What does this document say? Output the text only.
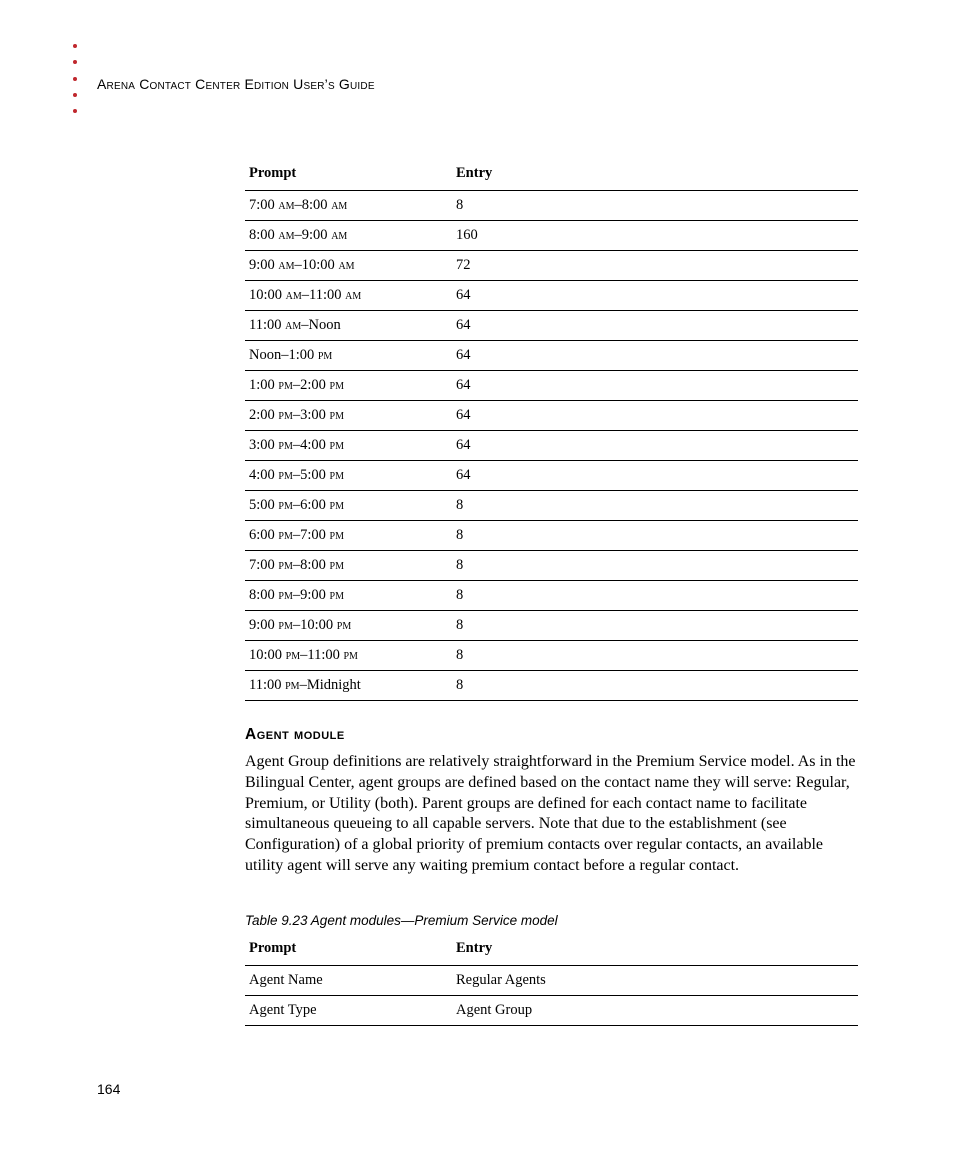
Arena Contact Center Edition User’s Guide
Prompt	Entry
7:00 am–8:00 am	8
8:00 am–9:00 am	160
9:00 am–10:00 am	72
10:00 am–11:00 am	64
11:00 am–Noon	64
Noon–1:00 pm	64
1:00 pm–2:00 pm	64
2:00 pm–3:00 pm	64
3:00 pm–4:00 pm	64
4:00 pm–5:00 pm	64
5:00 pm–6:00 pm	8
6:00 pm–7:00 pm	8
7:00 pm–8:00 pm	8
8:00 pm–9:00 pm	8
9:00 pm–10:00 pm	8
10:00 pm–11:00 pm	8
11:00 pm–Midnight	8
Agent module
Agent Group definitions are relatively straightforward in the Premium Service model. As in the Bilingual Center, agent groups are defined based on the contact name they will serve: Regular, Premium, or Utility (both). Parent groups are defined for each contact name to facilitate simultaneous queueing to all capable servers. Note that due to the establishment (see Configuration) of a global priority of premium contacts over regular contacts, an available utility agent will serve any waiting premium contact before a regular contact.
Table 9.23 Agent modules—Premium Service model
Prompt	Entry
Agent Name	Regular Agents
Agent Type	Agent Group
164
